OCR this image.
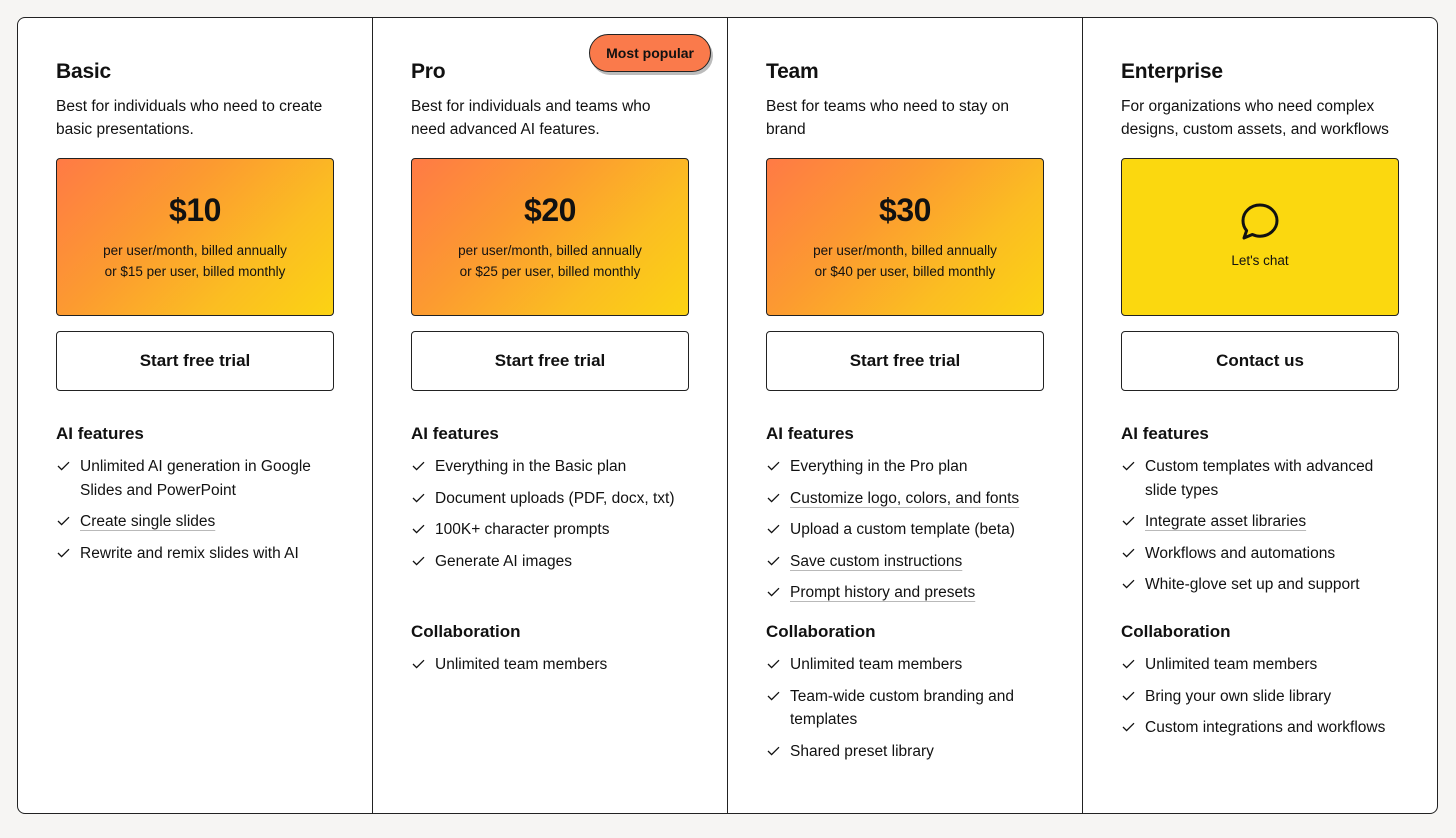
Basic
Best for individuals who need to create basic presentations.
$10
per user/month, billed annually
or $15 per user, billed monthly
Start free trial
AI features
Unlimited AI generation in Google Slides and PowerPoint
Create single slides
Rewrite and remix slides with AI
Most popular
Pro
Best for individuals and teams who need advanced AI features.
$20
per user/month, billed annually
or $25 per user, billed monthly
Start free trial
AI features
Everything in the Basic plan
Document uploads (PDF, docx, txt)
100K+ character prompts
Generate AI images
Collaboration
Unlimited team members
Team
Best for teams who need to stay on brand
$30
per user/month, billed annually
or $40 per user, billed monthly
Start free trial
AI features
Everything in the Pro plan
Customize logo, colors, and fonts
Upload a custom template (beta)
Save custom instructions
Prompt history and presets
Collaboration
Unlimited team members
Team-wide custom branding and templates
Shared preset library
Enterprise
For organizations who need complex designs, custom assets, and workflows
Let's chat
Contact us
AI features
Custom templates with advanced slide types
Integrate asset libraries
Workflows and automations
White-glove set up and support
Collaboration
Unlimited team members
Bring your own slide library
Custom integrations and workflows
